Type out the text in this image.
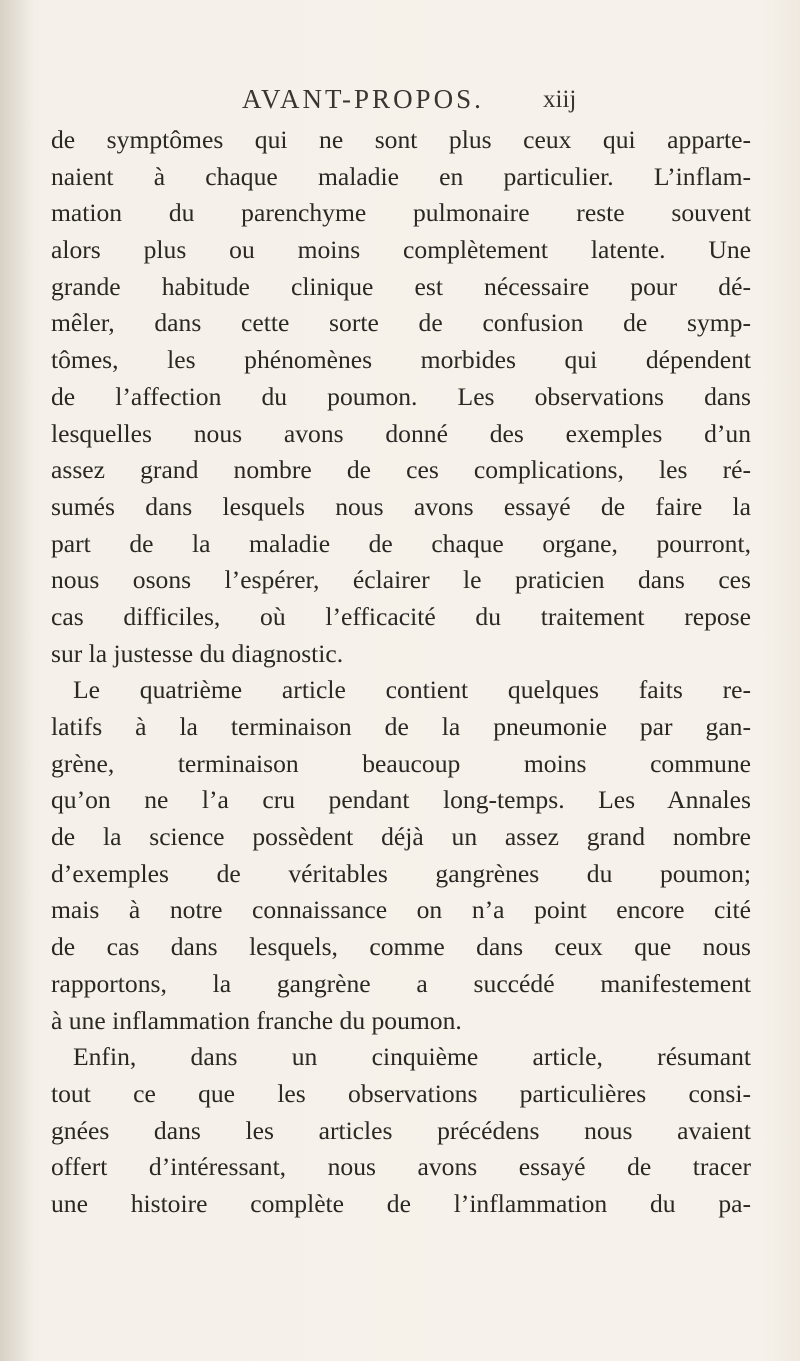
AVANT-PROPOS. xiij
de symptômes qui ne sont plus ceux qui apparte-
naient à chaque maladie en particulier. L’inflam-
mation du parenchyme pulmonaire reste souvent
alors plus ou moins complètement latente. Une
grande habitude clinique est nécessaire pour dé-
mêler, dans cette sorte de confusion de symp-
tômes, les phénomènes morbides qui dépendent
de l’affection du poumon. Les observations dans
lesquelles nous avons donné des exemples d’un
assez grand nombre de ces complications, les ré-
sumés dans lesquels nous avons essayé de faire la
part de la maladie de chaque organe, pourront,
nous osons l’espérer, éclairer le praticien dans ces
cas difficiles, où l’efficacité du traitement repose
sur la justesse du diagnostic.
Le quatrième article contient quelques faits re-
latifs à la terminaison de la pneumonie par gan-
grène, terminaison beaucoup moins commune
qu’on ne l’a cru pendant long-temps. Les Annales
de la science possèdent déjà un assez grand nombre
d’exemples de véritables gangrènes du poumon;
mais à notre connaissance on n’a point encore cité
de cas dans lesquels, comme dans ceux que nous
rapportons, la gangrène a succédé manifestement
à une inflammation franche du poumon.
Enfin, dans un cinquième article, résumant
tout ce que les observations particulières consi-
gnées dans les articles précédens nous avaient
offert d’intéressant, nous avons essayé de tracer
une histoire complète de l’inflammation du pa-
